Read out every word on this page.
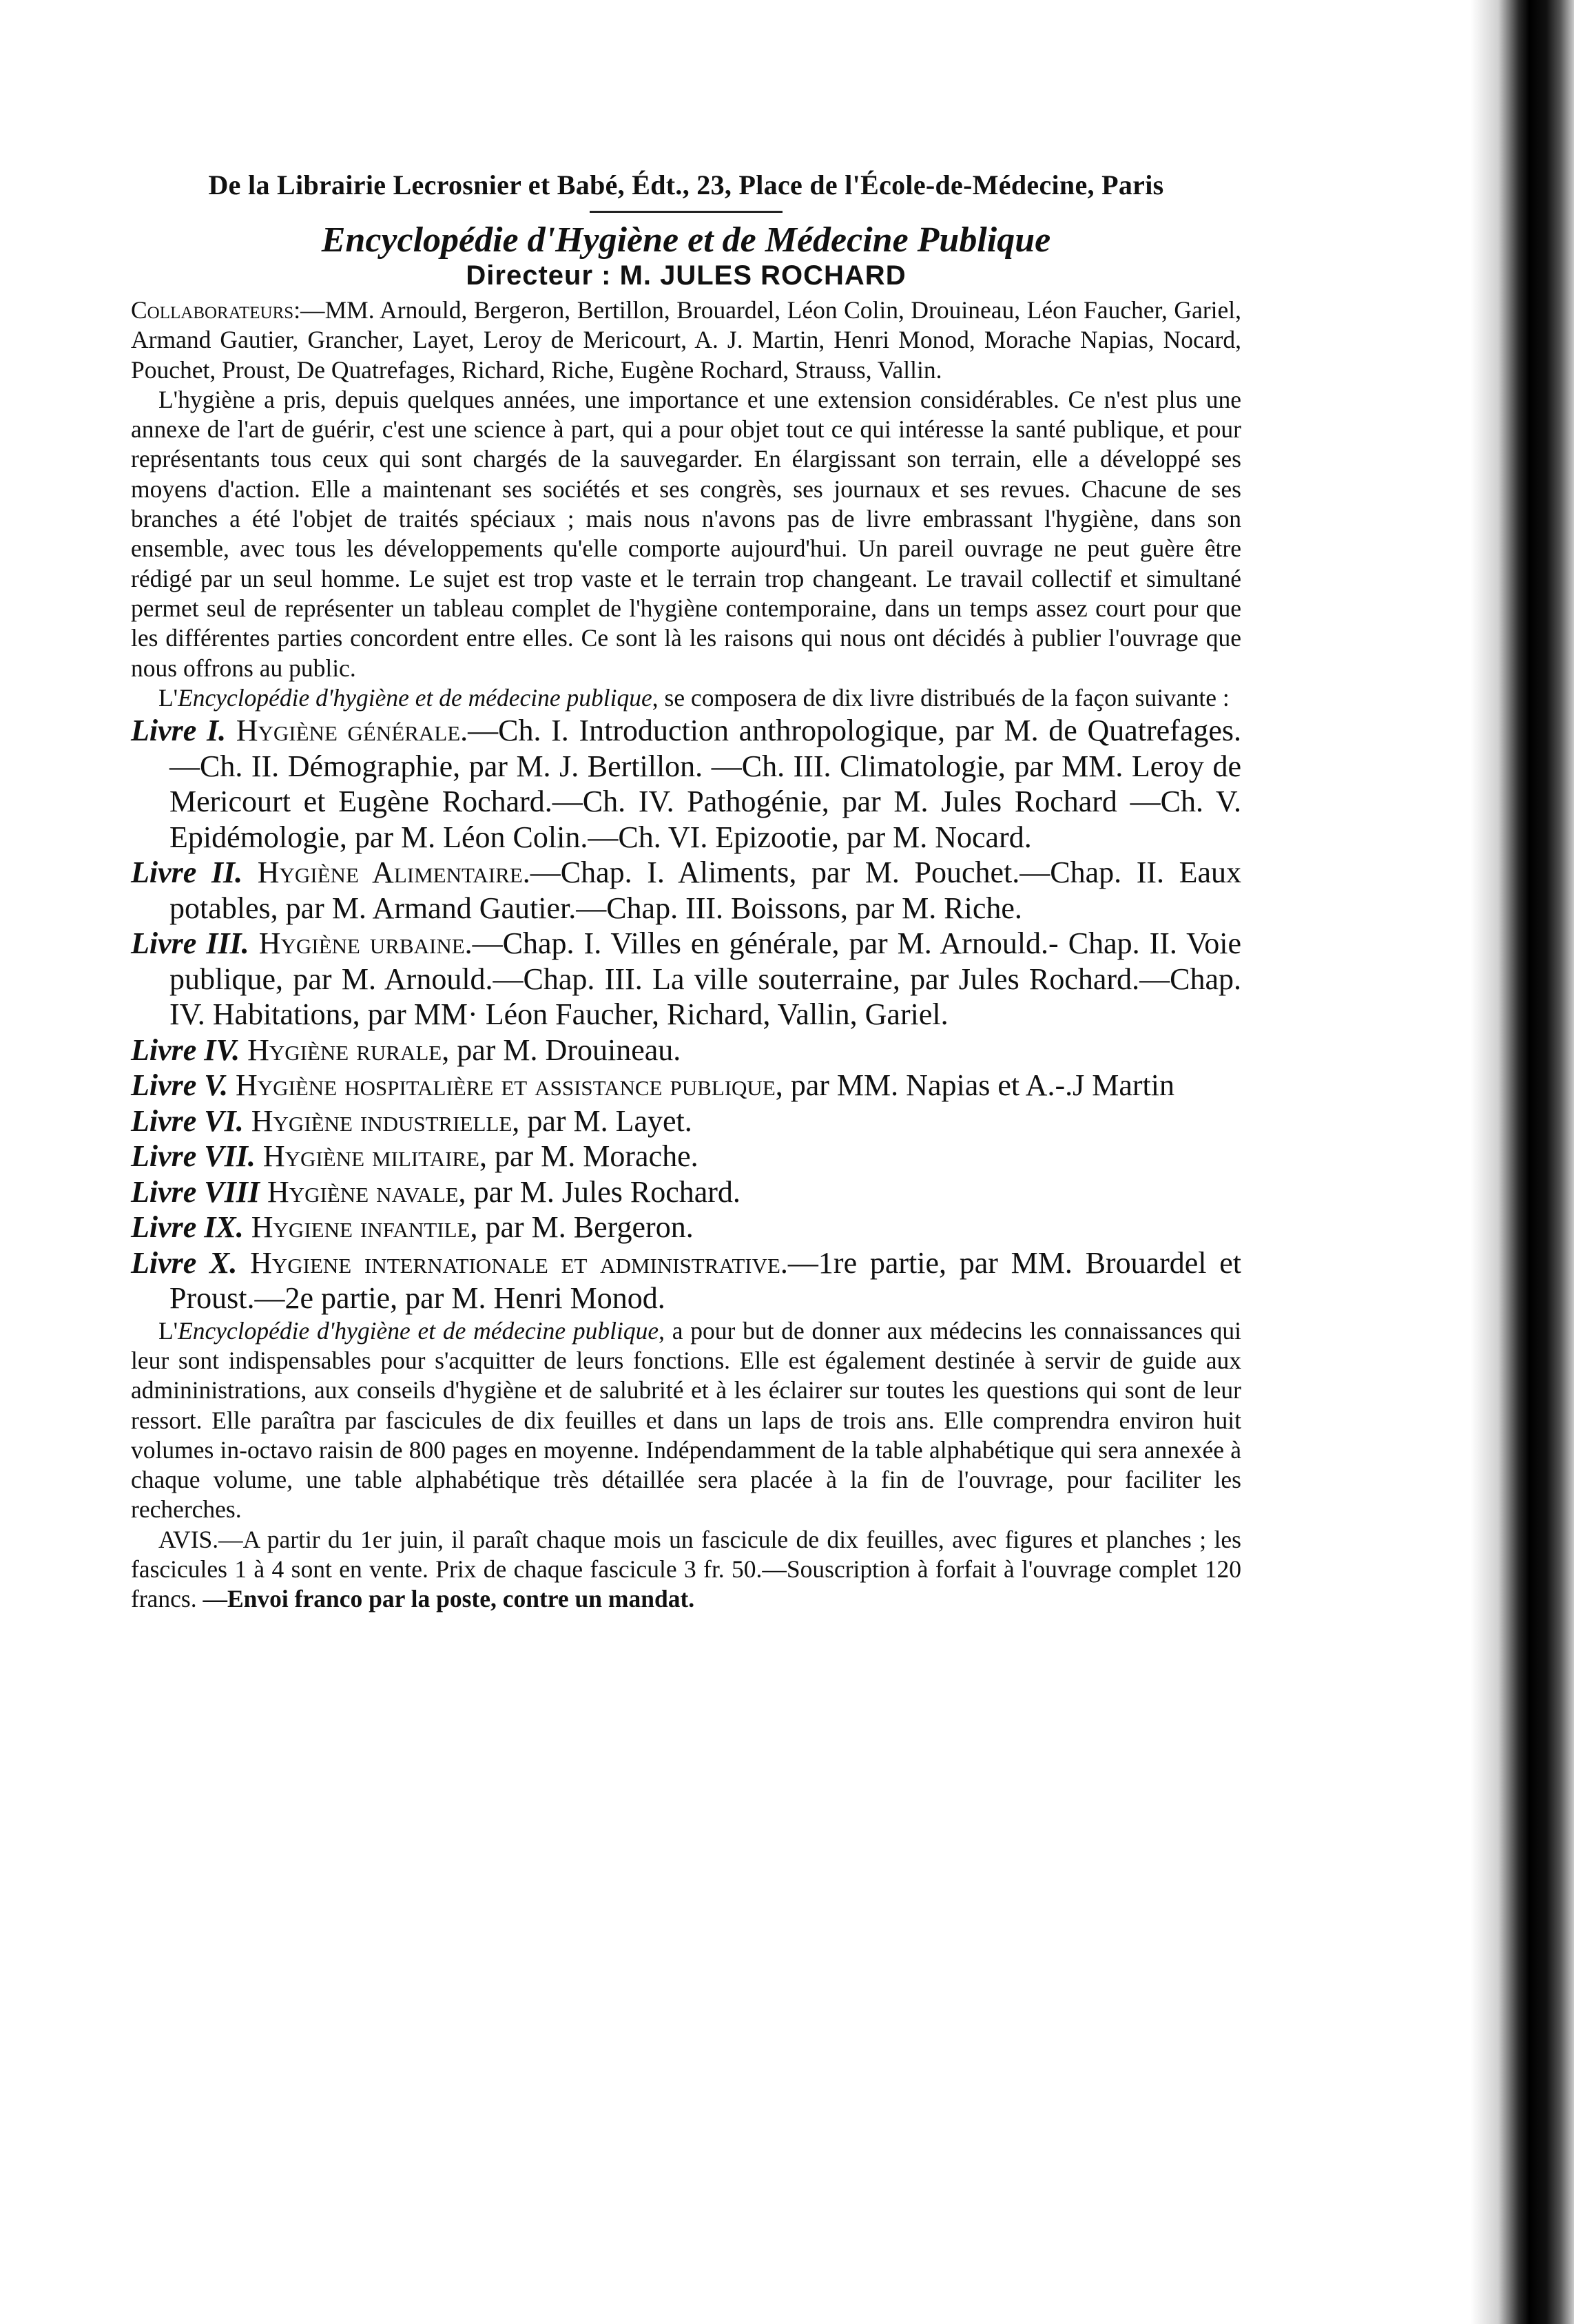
De la Librairie Lecrosnier et Babé, Édt., 23, Place de l'École-de-Médecine, Paris
Encyclopédie d'Hygiène et de Médecine Publique
Directeur : M. JULES ROCHARD

Collaborateurs:—MM. Arnould, Bergeron, Bertillon, Brouardel, Léon Colin, Drouineau, Léon Faucher, Gariel, Armand Gautier, Grancher, Layet, Leroy de Mericourt, A. J. Martin, Henri Monod, Morache Napias, Nocard, Pouchet, Proust, De Quatrefages, Richard, Riche, Eugène Rochard, Strauss, Vallin.

L'hygiène a pris, depuis quelques années, une importance et une extension considérables. Ce n'est plus une annexe de l'art de guérir, c'est une science à part, qui a pour objet tout ce qui intéresse la santé publique, et pour représentants tous ceux qui sont chargés de la sauvegarder. En élargissant son terrain, elle a développé ses moyens d'action. Elle a maintenant ses sociétés et ses congrès, ses journaux et ses revues. Chacune de ses branches a été l'objet de traités spéciaux ; mais nous n'avons pas de livre embrassant l'hygiène, dans son ensemble, avec tous les développements qu'elle comporte aujourd'hui. Un pareil ouvrage ne peut guère être rédigé par un seul homme. Le sujet est trop vaste et le terrain trop changeant. Le travail collectif et simultané permet seul de représenter un tableau complet de l'hygiène contemporaine, dans un temps assez court pour que les différentes parties concordent entre elles. Ce sont là les raisons qui nous ont décidés à publier l'ouvrage que nous offrons au public.

L'Encyclopédie d'hygiène et de médecine publique, se composera de dix livre distribués de la façon suivante :

Livre I. Hygiène générale.—Ch. I. Introduction anthropologique, par M. de Quatrefages. —Ch. II. Démographie, par M. J. Bertillon. —Ch. III. Climatologie, par MM. Leroy de Mericourt et Eugène Rochard.—Ch. IV. Pathogénie, par M. Jules Rochard —Ch. V. Epidémologie, par M. Léon Colin.—Ch. VI. Epizootie, par M. Nocard.

Livre II. Hygiène Alimentaire.—Chap. I. Aliments, par M. Pouchet.—Chap. II. Eaux potables, par M. Armand Gautier.—Chap. III. Boissons, par M. Riche.

Livre III. Hygiène urbaine.—Chap. I. Villes en générale, par M. Arnould.- Chap. II. Voie publique, par M. Arnould.—Chap. III. La ville souterraine, par Jules Rochard.—Chap. IV. Habitations, par MM· Léon Faucher, Richard, Vallin, Gariel.

Livre IV. Hygiène rurale, par M. Drouineau.

Livre V. Hygiène hospitalière et assistance publique, par MM. Napias et A.-.J Martin

Livre VI. Hygiène industrielle, par M. Layet.

Livre VII. Hygiène militaire, par M. Morache.

Livre VIII Hygiène navale, par M. Jules Rochard.

Livre IX. Hygiene infantile, par M. Bergeron.

Livre X. Hygiene internationale et administrative.—1re partie, par MM. Brouardel et Proust.—2e partie, par M. Henri Monod.

L'Encyclopédie d'hygiène et de médecine publique, a pour but de donner aux médecins les connaissances qui leur sont indispensables pour s'acquitter de leurs fonctions. Elle est également destinée à servir de guide aux admininistrations, aux conseils d'hygiène et de salubrité et à les éclairer sur toutes les questions qui sont de leur ressort. Elle paraîtra par fascicules de dix feuilles et dans un laps de trois ans. Elle comprendra environ huit volumes in-octavo raisin de 800 pages en moyenne. Indépendamment de la table alphabétique qui sera annexée à chaque volume, une table alphabétique très détaillée sera placée à la fin de l'ouvrage, pour faciliter les recherches.

AVIS.—A partir du 1er juin, il paraît chaque mois un fascicule de dix feuilles, avec figures et planches ; les fascicules 1 à 4 sont en vente. Prix de chaque fascicule 3 fr. 50.—Souscription à forfait à l'ouvrage complet 120 francs. —Envoi franco par la poste, contre un mandat.
